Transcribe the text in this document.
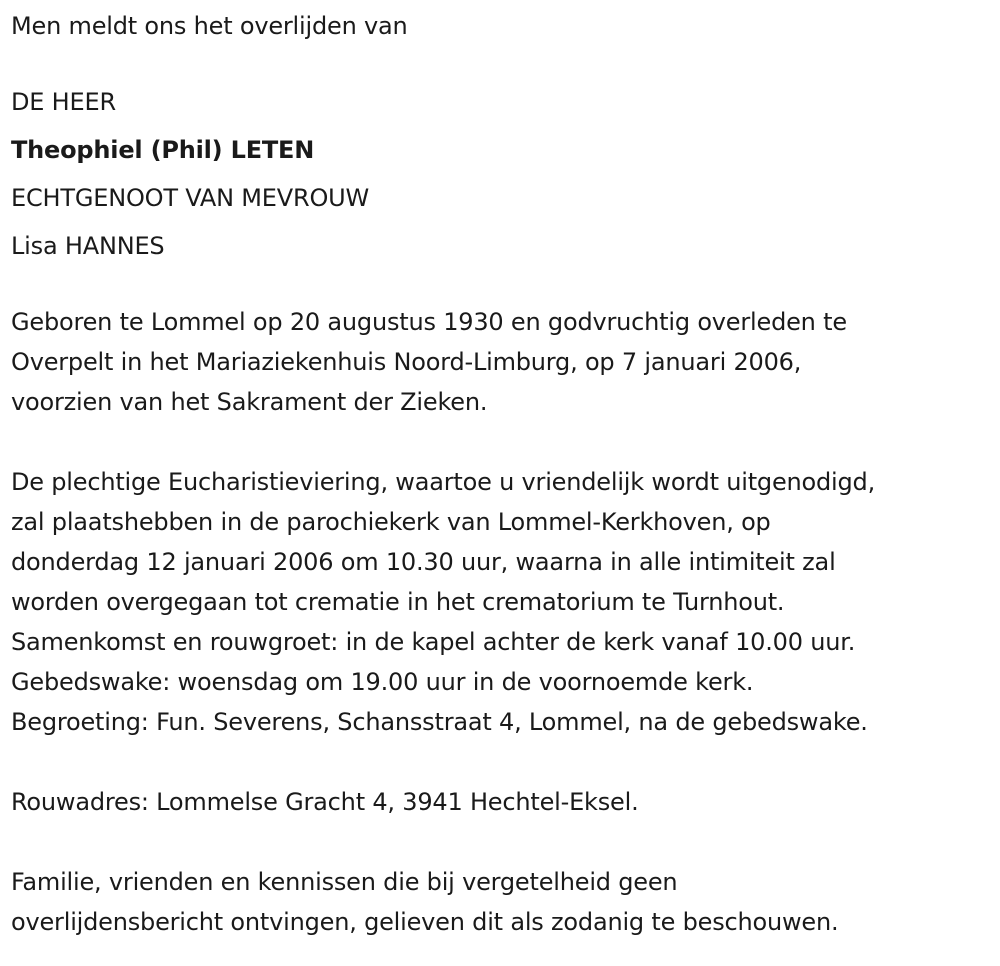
Men meldt ons het overlijden van
DE HEER
Theophiel (Phil) LETEN
ECHTGENOOT VAN MEVROUW
Lisa HANNES

Geboren te Lommel op 20 augustus 1930 en godvruchtig overleden te
Overpelt in het Mariaziekenhuis Noord-Limburg, op 7 januari 2006,
voorzien van het Sakrament der Zieken.

De plechtige Eucharistieviering, waartoe u vriendelijk wordt uitgenodigd,
zal plaatshebben in de parochiekerk van Lommel-Kerkhoven, op
donderdag 12 januari 2006 om 10.30 uur, waarna in alle intimiteit zal
worden overgegaan tot crematie in het crematorium te Turnhout.
Samenkomst en rouwgroet: in de kapel achter de kerk vanaf 10.00 uur.
Gebedswake: woensdag om 19.00 uur in de voornoemde kerk.
Begroeting: Fun. Severens, Schansstraat 4, Lommel, na de gebedswake.

Rouwadres: Lommelse Gracht 4, 3941 Hechtel-Eksel.

Familie, vrienden en kennissen die bij vergetelheid geen
overlijdensbericht ontvingen, gelieven dit als zodanig te beschouwen.
